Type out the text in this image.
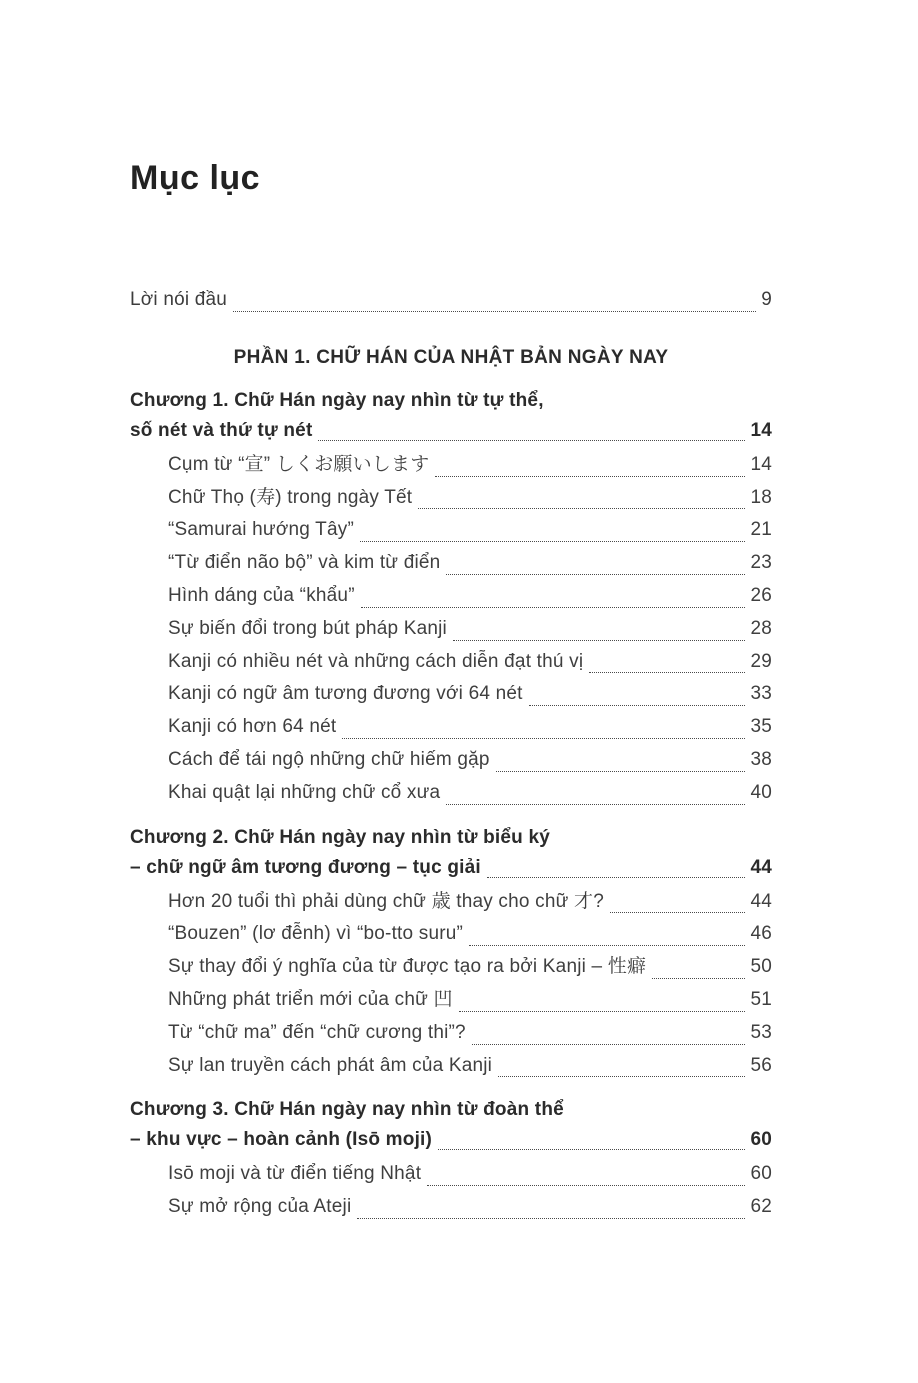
Mục lục
Lời nói đầu	9
PHẦN 1. CHỮ HÁN CỦA NHẬT BẢN NGÀY NAY
Chương 1. Chữ Hán ngày nay nhìn từ tự thể,
số nét và thứ tự nét	14
Cụm từ “宣” しくお願いします	14
Chữ Thọ (寿) trong ngày Tết	18
“Samurai hướng Tây”	21
“Từ điển não bộ” và kim từ điển	23
Hình dáng của “khẩu”	26
Sự biến đổi trong bút pháp Kanji	28
Kanji có nhiều nét và những cách diễn đạt thú vị	29
Kanji có ngữ âm tương đương với 64 nét	33
Kanji có hơn 64 nét	35
Cách để tái ngộ những chữ hiếm gặp	38
Khai quật lại những chữ cổ xưa	40
Chương 2. Chữ Hán ngày nay nhìn từ biểu ký
– chữ ngữ âm tương đương – tục giải	44
Hơn 20 tuổi thì phải dùng chữ 歳 thay cho chữ 才?	44
“Bouzen” (lơ đễnh) vì “bo-tto suru”	46
Sự thay đổi ý nghĩa của từ được tạo ra bởi Kanji – 性癖	50
Những phát triển mới của chữ 凹	51
Từ “chữ ma” đến “chữ cương thi”?	53
Sự lan truyền cách phát âm của Kanji	56
Chương 3. Chữ Hán ngày nay nhìn từ đoàn thể
– khu vực – hoàn cảnh (Isō moji)	60
Isō moji và từ điển tiếng Nhật	60
Sự mở rộng của Ateji	62
